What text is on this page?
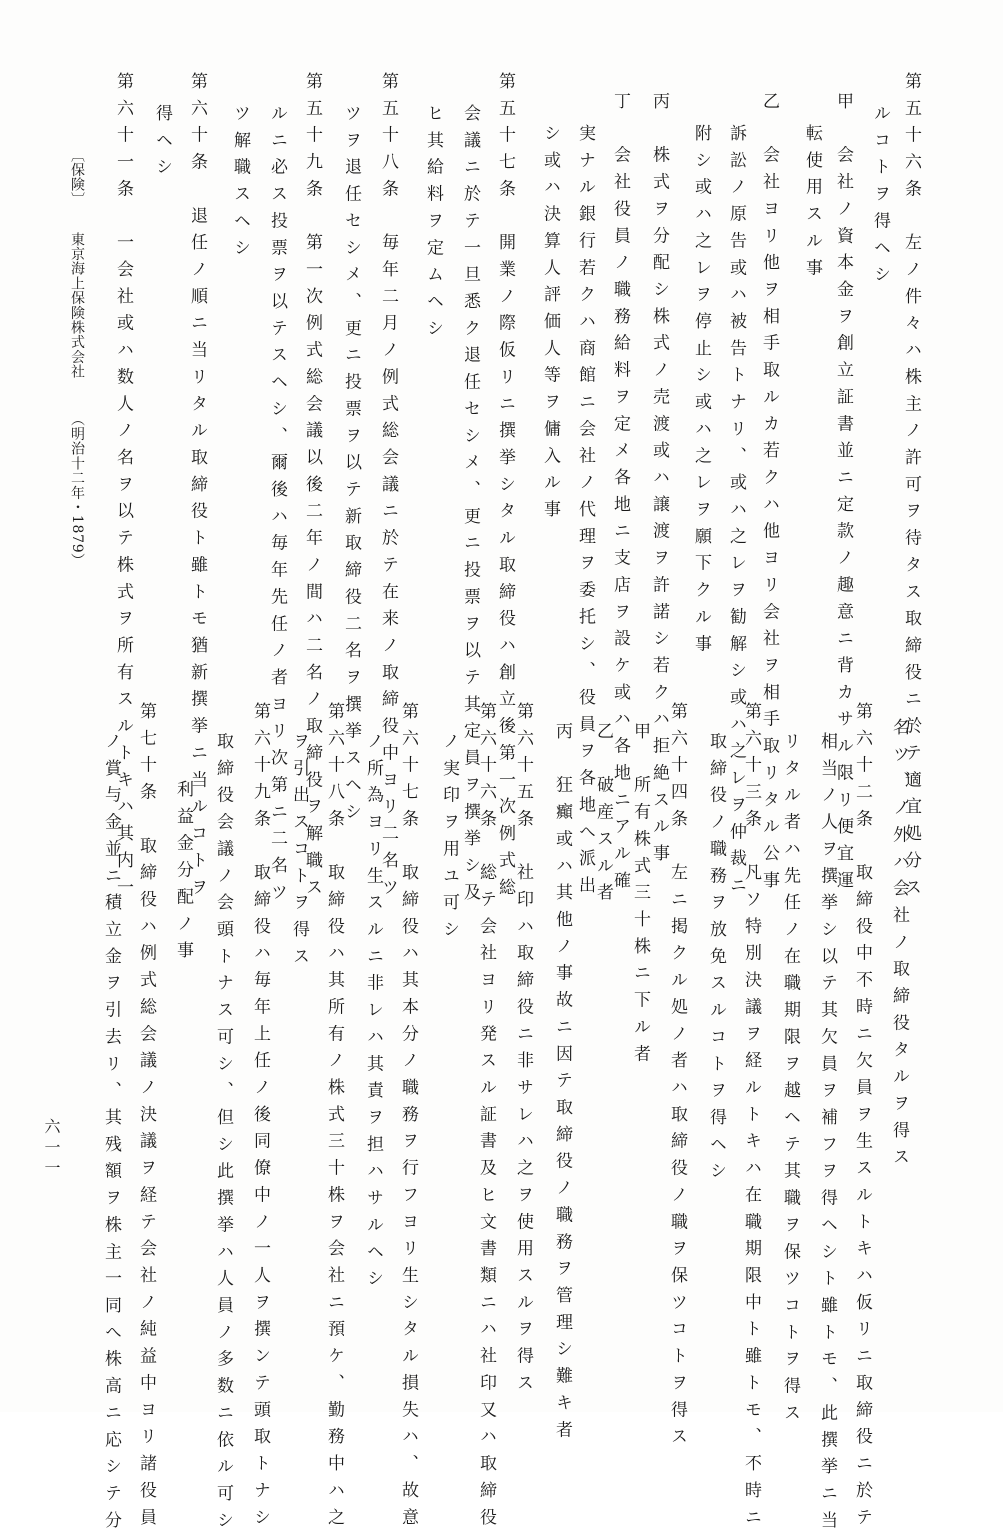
第五十六条　左ノ件々ハ株主ノ許可ヲ待タス取締役ニ於テ適宜処分ス

ルコトヲ得ヘシ

甲　会社ノ資本金ヲ創立証書並ニ定款ノ趣意ニ背カサル限リ便宜運

転使用スル事

乙　会社ヨリ他ヲ相手取ルカ若クハ他ヨリ会社ヲ相手取リタル公事

訴訟ノ原告或ハ被告トナリ、或ハ之レヲ勧解シ或ハ之レヲ仲裁ニ

附シ或ハ之レヲ停止シ或ハ之レヲ願下クル事

丙　株式ヲ分配シ株式ノ売渡或ハ譲渡ヲ許諾シ若クハ拒絶スル事

丁　会社役員ノ職務給料ヲ定メ各地ニ支店ヲ設ケ或ハ各地ニアル確

実ナル銀行若クハ商館ニ会社ノ代理ヲ委托シ、役員ヲ各地へ派出

シ或ハ決算人評価人等ヲ傭入ル事

第五十七条　開業ノ際仮リニ撰挙シタル取締役ハ創立後第一次例式総

会議ニ於テ一旦悉ク退任セシメ、更ニ投票ヲ以テ其定員ヲ撰挙シ及

ヒ其給料ヲ定ムヘシ

第五十八条　毎年二月ノ例式総会議ニ於テ在来ノ取締役中ヨリ二名ツ

ツヲ退任セシメ、更ニ投票ヲ以テ新取締役二名ヲ撰挙スヘシ

第五十九条　第一次例式総会議以後二年ノ間ハ二名ノ取締役ヲ解職ス

ルニ必ス投票ヲ以テスヘシ、爾後ハ毎年先任ノ者ヨリ次第ニ二名ツ

ツ解職スヘシ

第六十条　退任ノ順ニ当リタル取締役ト雖トモ猶新撰挙ニ当ルコトヲ

得ヘシ

第六十一条　一会社或ハ数人ノ名ヲ以テ株式ヲ所有スルトキハ其内一

〔保険〕

東京海上保険株式会社

（明治十二年・1879）

名ツ、ノ外ハ会社ノ取締役タルヲ得ス

第六十二条　取締役中不時ニ欠員ヲ生スルトキハ仮リニ取締役ニ於テ

相当ノ人ヲ撰挙シ以テ其欠員ヲ補フヲ得ヘシト雖トモ、此撰挙ニ当

リタル者ハ先任ノ在職期限ヲ越ヘテ其職ヲ保ツコトヲ得ス

第六十三条　凡ソ特別決議ヲ経ルトキハ在職期限中ト雖トモ、不時ニ

取締役ノ職務ヲ放免スルコトヲ得ヘシ

第六十四条　左ニ掲クル処ノ者ハ取締役ノ職ヲ保ツコトヲ得ス

甲　所有株式三十株ニ下ル者

乙　破産スル者

丙　狂癲或ハ其他ノ事故ニ因テ取締役ノ職務ヲ管理シ難キ者

第六十五条　社印ハ取締役ニ非サレハ之ヲ使用スルヲ得ス

第六十六条　総テ会社ヨリ発スル証書及ヒ文書類ニハ社印又ハ取締役

ノ実印ヲ用ユ可シ

第六十七条　取締役ハ其本分ノ職務ヲ行フヨリ生シタル損失ハ、故意

ノ所為ヨリ生スルニ非レハ其責ヲ担ハサルヘシ

第六十八条　取締役ハ其所有ノ株式三十株ヲ会社ニ預ケ、勤務中ハ之

ヲ引出スコトヲ得ス

第六十九条　取締役ハ毎年上任ノ後同僚中ノ一人ヲ撰ンテ頭取トナシ

取締役会議ノ会頭トナス可シ、但シ此撰挙ハ人員ノ多数ニ依ル可シ

利益金分配ノ事

第七十条　取締役ハ例式総会議ノ決議ヲ経テ会社ノ純益中ヨリ諸役員

ノ賞与金並ニ積立金ヲ引去リ、其残額ヲ株主一同へ株高ニ応シテ分

六一一
